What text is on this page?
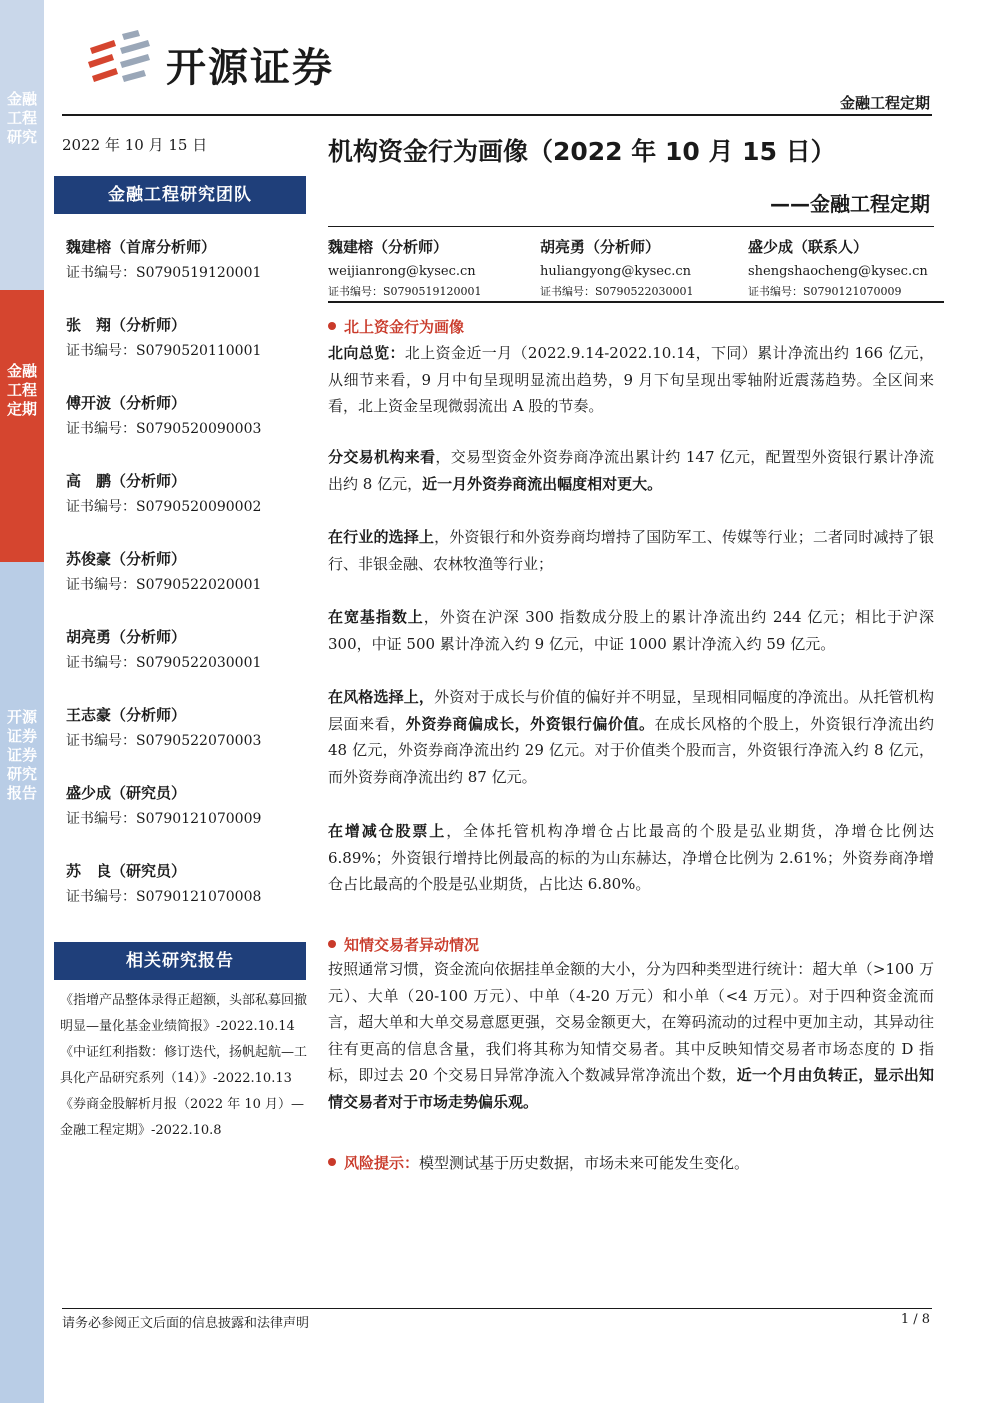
金融工程研究
金融工程定期
开源证券证券研究报告
开源证券
金融工程定期
2022 年 10 月 15 日
金融工程研究团队
魏建榕（首席分析师）
证书编号：S0790519120001
张　翔（分析师）
证书编号：S0790520110001
傅开波（分析师）
证书编号：S0790520090003
高　鹏（分析师）
证书编号：S0790520090002
苏俊豪（分析师）
证书编号：S0790522020001
胡亮勇（分析师）
证书编号：S0790522030001
王志豪（分析师）
证书编号：S0790522070003
盛少成（研究员）
证书编号：S0790121070009
苏　良（研究员）
证书编号：S0790121070008
相关研究报告
《指增产品整体录得正超额，头部私募回撤明显—量化基金业绩简报》-2022.10.14
《中证红利指数：修订迭代，扬帆起航—工具化产品研究系列（14）》-2022.10.13
《券商金股解析月报（2022 年 10 月）—金融工程定期》-2022.10.8
机构资金行为画像（2022 年 10 月 15 日）
——金融工程定期
魏建榕（分析师）
weijianrong@kysec.cn
证书编号：S0790519120001
胡亮勇（分析师）
huliangyong@kysec.cn
证书编号：S0790522030001
盛少成（联系人）
shengshaocheng@kysec.cn
证书编号：S0790121070009
北上资金行为画像
北向总览：北上资金近一月（2022.9.14-2022.10.14，下同）累计净流出约 166 亿元，从细节来看，9 月中旬呈现明显流出趋势，9 月下旬呈现出零轴附近震荡趋势。全区间来看，北上资金呈现微弱流出 A 股的节奏。
分交易机构来看，交易型资金外资券商净流出累计约 147 亿元，配置型外资银行累计净流出约 8 亿元，近一月外资券商流出幅度相对更大。
在行业的选择上，外资银行和外资券商均增持了国防军工、传媒等行业；二者同时减持了银行、非银金融、农林牧渔等行业；
在宽基指数上，外资在沪深 300 指数成分股上的累计净流出约 244 亿元；相比于沪深 300，中证 500 累计净流入约 9 亿元，中证 1000 累计净流入约 59 亿元。
在风格选择上，外资对于成长与价值的偏好并不明显，呈现相同幅度的净流出。从托管机构层面来看，外资券商偏成长，外资银行偏价值。在成长风格的个股上，外资银行净流出约 48 亿元，外资券商净流出约 29 亿元。对于价值类个股而言，外资银行净流入约 8 亿元，而外资券商净流出约 87 亿元。
在增减仓股票上，全体托管机构净增仓占比最高的个股是弘业期货，净增仓比例达 6.89%；外资银行增持比例最高的标的为山东赫达，净增仓比例为 2.61%；外资券商净增仓占比最高的个股是弘业期货，占比达 6.80%。
知情交易者异动情况
按照通常习惯，资金流向依据挂单金额的大小，分为四种类型进行统计：超大单（>100 万元）、大单（20-100 万元）、中单（4-20 万元）和小单（<4 万元）。对于四种资金流而言，超大单和大单交易意愿更强，交易金额更大，在筹码流动的过程中更加主动，其异动往往有更高的信息含量，我们将其称为知情交易者。其中反映知情交易者市场态度的 D 指标，即过去 20 个交易日异常净流入个数减异常净流出个数，近一个月由负转正，显示出知情交易者对于市场走势偏乐观。
风险提示：模型测试基于历史数据，市场未来可能发生变化。
请务必参阅正文后面的信息披露和法律声明	1 / 8
